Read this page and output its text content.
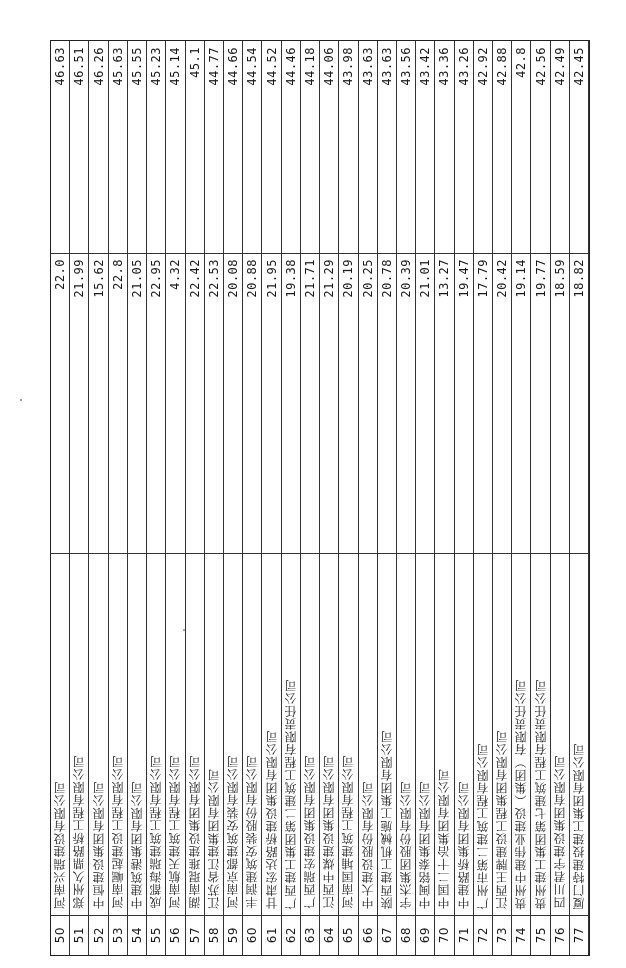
46.63
22.0
河南兴瑞建设有限公司
50
46.51
21.99
郑州久鼎路桥工程有限公司
51
46.26
15.62
中恒建设集团有限公司
52
45.63
22.8
河南崛起建设工程有限公司
53
45.55
21.05
中建筑港集团有限公司
54
45.23
22.95
成都海瑞建筑工程有限公司
55
45.14
4.32
河南航天建筑工程有限公司
56
45.1
22.42
湖南琨琟建设集团有限公司
57
44.77
22.53
江苏省江建集团有限公司
58
44.66
20.08
河南京都建筑安装有限公司
59
44.54
20.88
丰润建筑安装股份有限公司
60
44.52
21.95
甘肃宏达路桥建设集团有限公司
61
44.46
19.38
广西建工集团第二建筑工程有限责任公司
62
44.18
21.71
广西瑞宏建设集团有限公司
63
44.06
21.29
江西中煤建设集团有限公司
64
43.98
20.19
河南国埔建筑工程有限公司
65
43.63
20.25
中大建设股份有限公司
66
43.63
20.78
陕西建工机械施工集团有限公司
67
43.56
20.39
宇杰集团股份有限公司
68
43.42
21.01
中闽铭泰集团有限公司
69
43.36
13.27
中国二十冶集团有限公司
70
43.26
19.47
中建路桥集团有限公司
71
42.92
17.79
广州市第二建筑工程有限公司
72
42.88
20.42
江西王牌建设工程集团有限公司
73
42.8
19.14
贵州中建伟业建设（集团）有限责任公司
74
42.56
19.77
贵州建工集团第七建筑工程有限责任公司
75
42.49
18.59
四川君宇建设集团有限公司
76
42.45
18.82
厦门特建投建工集团有限公司
77
